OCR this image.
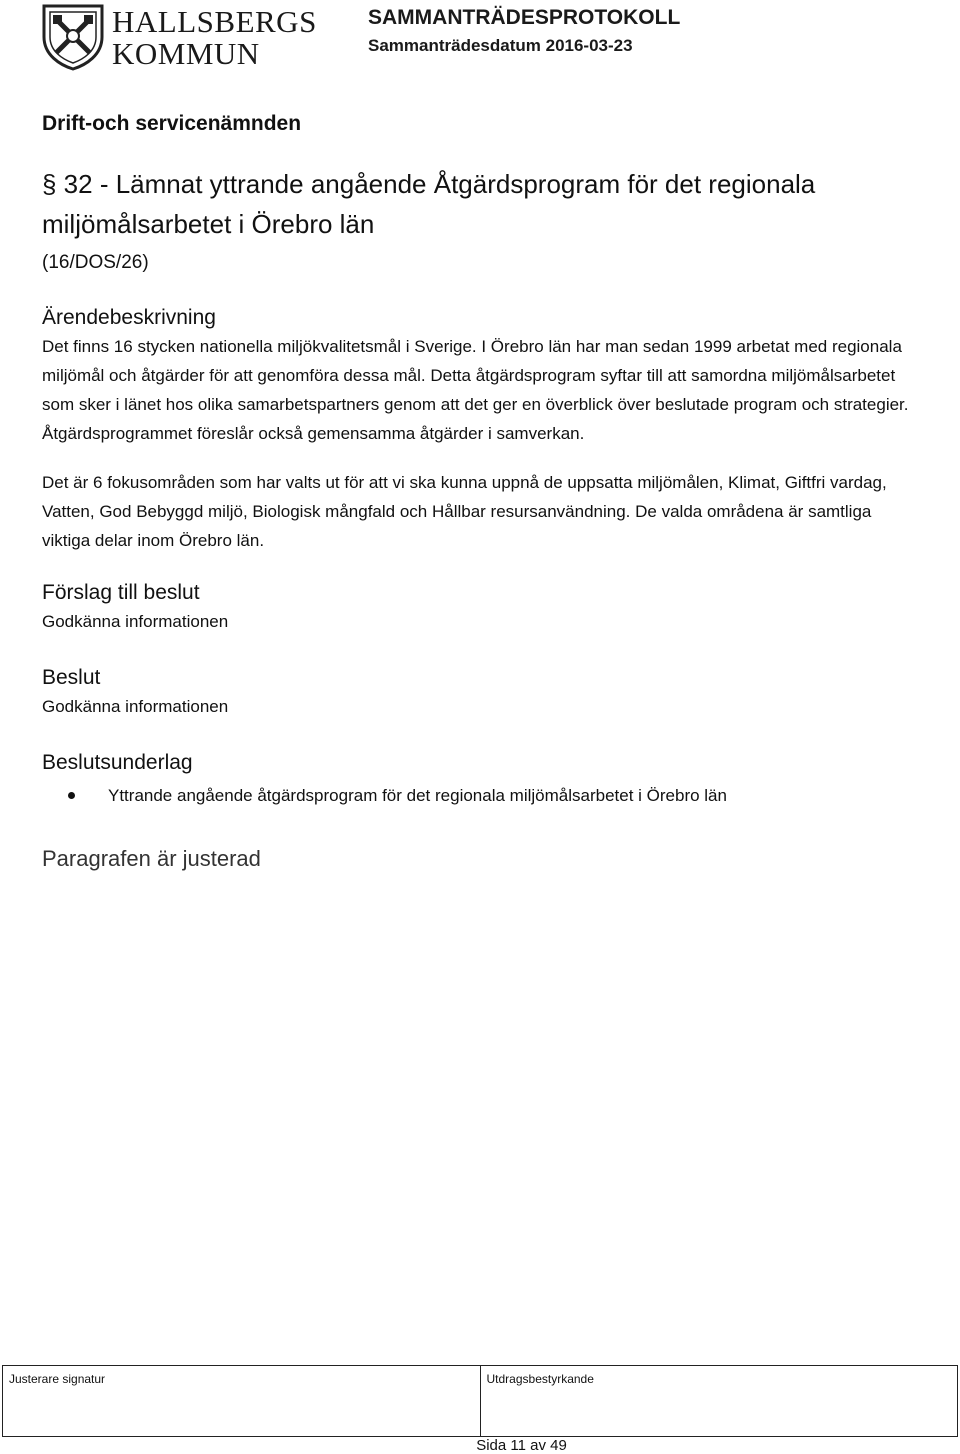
HALLSBERGS
KOMMUN
SAMMANTRÄDESPROTOKOLL
Sammanträdesdatum 2016-03-23
Drift-och servicenämnden
§ 32 - Lämnat yttrande angående Åtgärdsprogram för det regionala miljömålsarbetet i Örebro län
(16/DOS/26)
Ärendebeskrivning

Det finns 16 stycken nationella miljökvalitetsmål i Sverige. I Örebro län har man sedan 1999 arbetat med regionala miljömål och åtgärder för att genomföra dessa mål. Detta åtgärdsprogram syftar till att samordna miljömålsarbetet som sker i länet hos olika samarbetspartners genom att det ger en överblick över beslutade program och strategier. Åtgärdsprogrammet föreslår också gemensamma åtgärder i samverkan.

Det är 6 fokusområden som har valts ut för att vi ska kunna uppnå de uppsatta miljömålen, Klimat, Giftfri vardag, Vatten, God Bebyggd miljö, Biologisk mångfald och Hållbar resursanvändning. De valda områdena är samtliga viktiga delar inom Örebro län.

Förslag till beslut

Godkänna informationen

Beslut

Godkänna informationen

Beslutsunderlag
Yttrande angående åtgärdsprogram för det regionala miljömålsarbetet i Örebro län
Paragrafen är justerad
Justerare signatur	Utdragsbestyrkande
Sida 11 av 49
